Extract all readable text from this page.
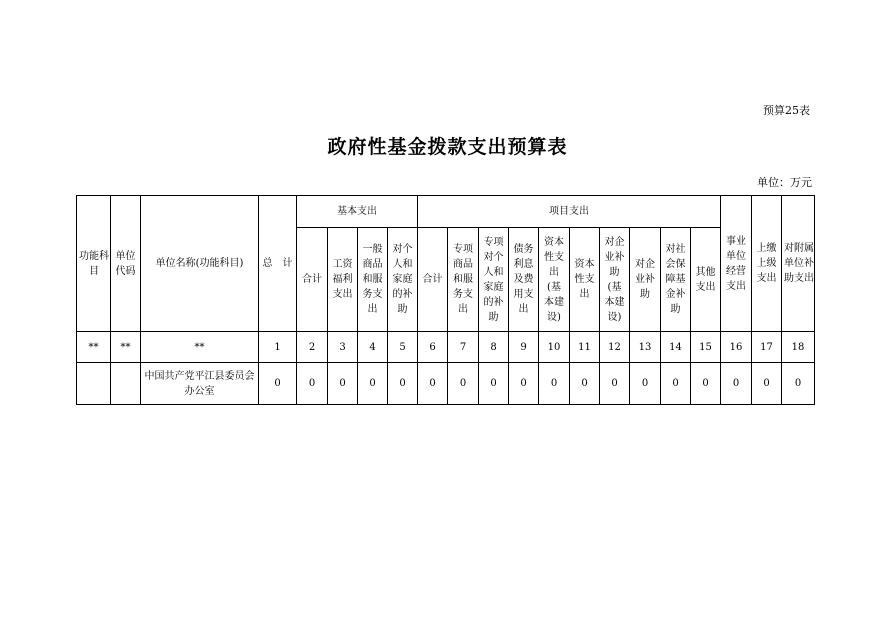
预算25表
政府性基金拨款支出预算表
单位：万元
功能科目	单位代码	单位名称(功能科目)	总　计	基本支出				项目支出										事业单位经营支出	上缴上级支出	对附属单位补助支出
				合计	工资福利支出	一般商品和服务支出	对个人和家庭的补助	合计	专项商品和服务支出	专项对个人和家庭的补助	债务利息及费用支出	资本性支出(基本建设)	资本性支出	对企业补助(基本建设)	对企业补助	对社会保障基金补助	其他支出			
**	**	**	1	2	3	4	5	6	7	8	9	10	11	12	13	14	15	16	17	18
		中国共产党平江县委员会办公室	0	0	0	0	0	0	0	0	0	0	0	0	0	0	0	0	0	0
